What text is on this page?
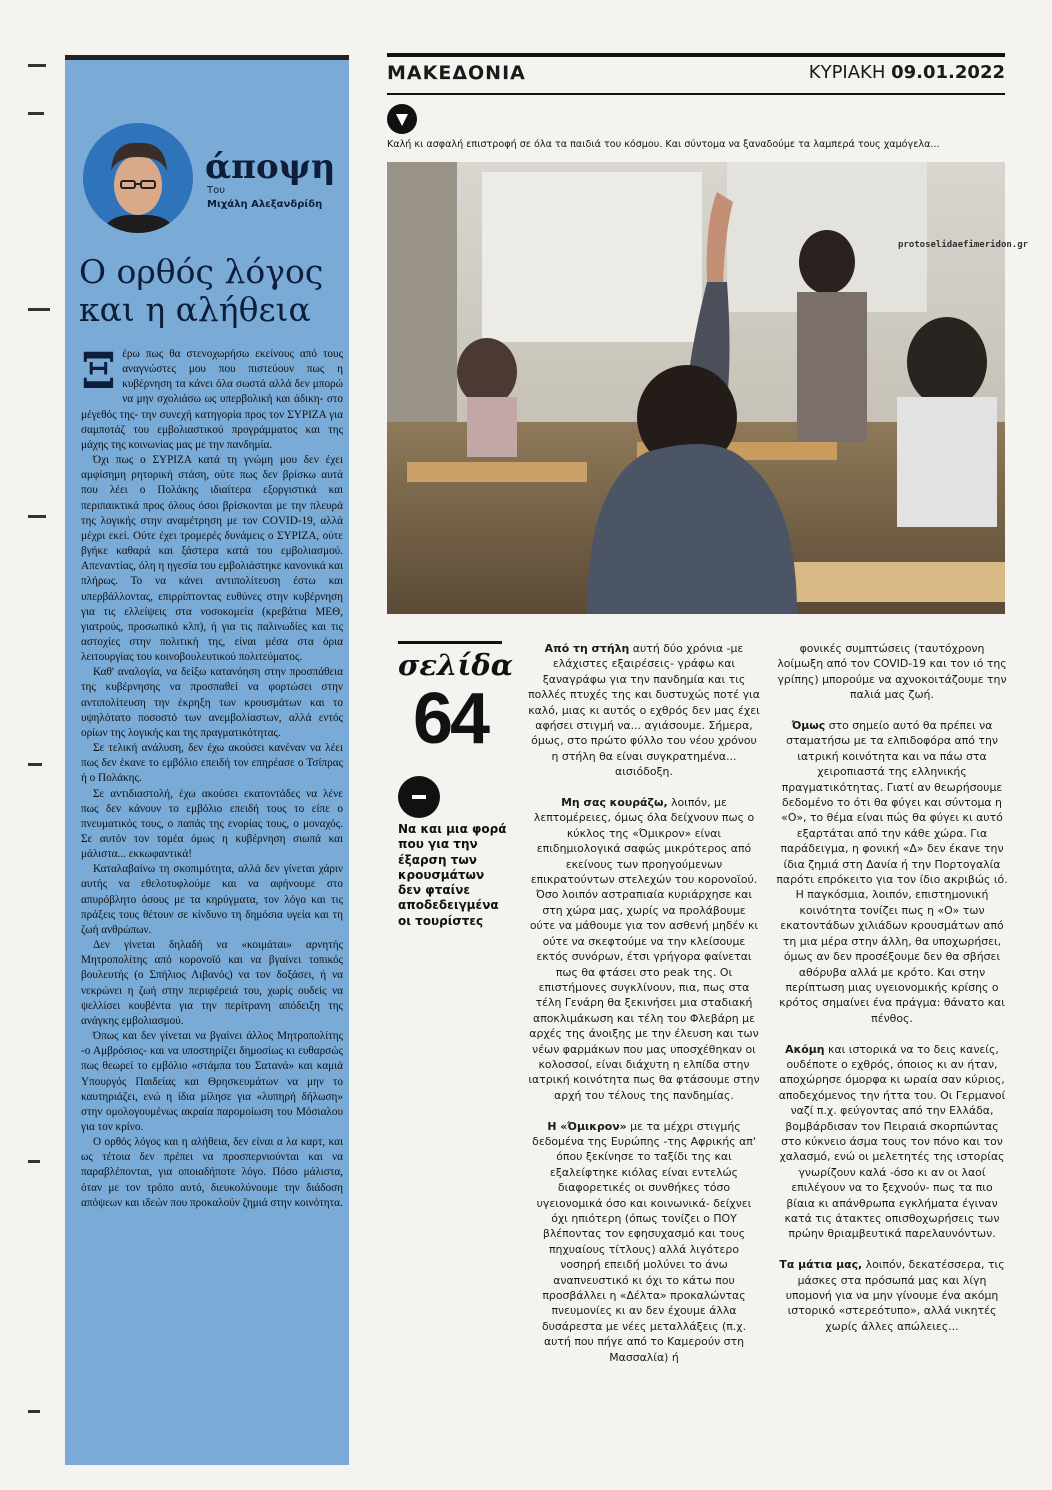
άποψη
Του
Μιχάλη Αλεξανδρίδη
Ο ορθός λόγος
και η αλήθεια

Ξέρω πως θα στενοχωρήσω εκείνους από τους αναγνώστες μου που πιστεύουν πως η κυβέρνηση τα κάνει όλα σωστά αλλά δεν μπορώ να μην σχολιάσω ως υπερβολική και άδικη- στο μέγεθός της- την συνεχή κατηγορία προς τον ΣΥΡΙΖΑ για σαμποτάζ του εμβολιαστικού προγράμματος και της μάχης της κοινωνίας μας με την πανδημία.

Όχι πως ο ΣΥΡΙΖΑ κατά τη γνώμη μου δεν έχει αμφίσημη ρητορική στάση, ούτε πως δεν βρίσκω αυτά που λέει ο Πολάκης ιδιαίτερα εξοργιστικά και περιπαικτικά προς όλους όσοι βρίσκονται με την πλευρά της λογικής στην αναμέτρηση με τον COVID-19, αλλά μέχρι εκεί. Ούτε έχει τρομερές δυνάμεις ο ΣΥΡΙΖΑ, ούτε βγήκε καθαρά και ξάστερα κατά του εμβολιασμού. Απεναντίας, όλη η ηγεσία του εμβολιάστηκε κανονικά και πλήρως. Το να κάνει αντιπολίτευση έστω και υπερβάλλοντας, επιρρίπτοντας ευθύνες στην κυβέρνηση για τις ελλείψεις στα νοσοκομεία (κρεβάτια ΜΕΘ, γιατρούς, προσωπικό κλπ), ή για τις παλινωδίες και τις αστοχίες στην πολιτική της, είναι μέσα στα όρια λειτουργίας του κοινοβουλευτικού πολιτεύματος.

Καθ' αναλογία, να δείξω κατανόηση στην προσπάθεια της κυβέρνησης να προσπαθεί να φορτώσει στην αντιπολίτευση την έκρηξη των κρουσμάτων και το υψηλότατο ποσοστό των ανεμβολίαστων, αλλά εντός ορίων της λογικής και της πραγματικότητας.

Σε τελική ανάλυση, δεν έχω ακούσει κανέναν να λέει πως δεν έκανε το εμβόλιο επειδή τον επηρέασε ο Τσίπρας ή ο Πολάκης.

Σε αντιδιαστολή, έχω ακούσει εκατοντάδες να λένε πως δεν κάνουν το εμβόλιο επειδή τους το είπε ο πνευματικός τους, ο παπάς της ενορίας τους, ο μοναχός. Σε αυτόν τον τομέα όμως η κυβέρνηση σιωπά και μάλιστα... εκκωφαντικά!

Καταλαβαίνω τη σκοπιμότητα, αλλά δεν γίνεται χάριν αυτής να εθελοτυφλούμε και να αφήνουμε στο απυρόβλητο όσους με τα κηρύγματα, τον λόγο και τις πράξεις τους θέτουν σε κίνδυνο τη δημόσια υγεία και τη ζωή ανθρώπων.

Δεν γίνεται δηλαδή να «κοιμάται» αρνητής Μητροπολίτης από κορονοϊό και να βγαίνει τοπικός βουλευτής (ο Σπήλιος Λιβανός) να τον δοξάσει, ή να νεκρώνει η ζωή στην περιφέρειά του, χωρίς ουδείς να ψελλίσει κουβέντα για την περίτρανη απόδειξη της ανάγκης εμβολιασμού.

Όπως και δεν γίνεται να βγαίνει άλλος Μητροπολίτης -ο Αμβρόσιος- και να υποστηρίζει δημοσίως κι ευθαρσώς πως θεωρεί το εμβόλιο «στάμπα του Σατανά» και καμιά Υπουργός Παιδείας και Θρησκευμάτων να μην το καυτηριάζει, ενώ η ίδια μίλησε για «λυπηρή δήλωση» στην ομολογουμένως ακραία παρομοίωση του Μόσιαλου για τον κρίνο.

Ο ορθός λόγος και η αλήθεια, δεν είναι α λα καρτ, και ως τέτοια δεν πρέπει να προσπερνιούνται και να παραβλέπονται, για οποιαδήποτε λόγο. Πόσο μάλιστα, όταν με τον τρόπο αυτό, διευκολύνουμε την διάδοση απόψεων και ιδεών που προκαλούν ζημιά στην κοινότητα.

ΜΑΚΕΔΟΝΙΑ	ΚΥΡΙΑΚΗ 09.01.2022
Καλή κι ασφαλή επιστροφή σε όλα τα παιδιά του κόσμου. Και σύντομα να ξαναδούμε τα λαμπερά τους χαμόγελα...
protoselidaefimeridon.gr
σελίδα
64
Να και μια φορά που για την έξαρση των κρουσμάτων δεν φταίνε αποδεδειγμένα οι τουρίστες

Από τη στήλη αυτή δύο χρόνια -με ελάχιστες εξαιρέσεις- γράφω και ξαναγράφω για την πανδημία και τις πολλές πτυχές της και δυστυχώς ποτέ για καλό, μιας κι αυτός ο εχθρός δεν μας έχει αφήσει στιγμή να... αγιάσουμε. Σήμερα, όμως, στο πρώτο φύλλο του νέου χρόνου η στήλη θα είναι συγκρατημένα... αισιόδοξη.

Μη σας κουράζω, λοιπόν, με λεπτομέρειες, όμως όλα δείχνουν πως ο κύκλος της «Όμικρον» είναι επιδημιολογικά σαφώς μικρότερος από εκείνους των προηγούμενων επικρατούντων στελεχών του κορονοϊού. Όσο λοιπόν αστραπιαία κυριάρχησε και στη χώρα μας, χωρίς να προλάβουμε ούτε να μάθουμε για τον ασθενή μηδέν κι ούτε να σκεφτούμε να την κλείσουμε εκτός συνόρων, έτσι γρήγορα φαίνεται πως θα φτάσει στο peak της. Οι επιστήμονες συγκλίνουν, πια, πως στα τέλη Γενάρη θα ξεκινήσει μια σταδιακή αποκλιμάκωση και τέλη του Φλεβάρη με αρχές της άνοιξης με την έλευση και των νέων φαρμάκων που μας υποσχέθηκαν οι κολοσσοί, είναι διάχυτη η ελπίδα στην ιατρική κοινότητα πως θα φτάσουμε στην αρχή του τέλους της πανδημίας.

Η «Όμικρον» με τα μέχρι στιγμής δεδομένα της Ευρώπης -της Αφρικής απ' όπου ξεκίνησε το ταξίδι της και εξαλείφτηκε κιόλας είναι εντελώς διαφορετικές οι συνθήκες τόσο υγειονομικά όσο και κοινωνικά- δείχνει όχι ηπιότερη (όπως τονίζει ο ΠΟΥ βλέποντας τον εφησυχασμό και τους πηχυαίους τίτλους) αλλά λιγότερο νοσηρή επειδή μολύνει το άνω αναπνευστικό κι όχι το κάτω που προσβάλλει η «Δέλτα» προκαλώντας πνευμονίες κι αν δεν έχουμε άλλα δυσάρεστα με νέες μεταλλάξεις (π.χ. αυτή που πήγε από το Καμερούν στη Μασσαλία) ή

φονικές συμπτώσεις (ταυτόχρονη λοίμωξη από τον COVID-19 και τον ιό της γρίπης) μπορούμε να αχνοκοιτάζουμε την παλιά μας ζωή.

Όμως στο σημείο αυτό θα πρέπει να σταματήσω με τα ελπιδοφόρα από την ιατρική κοινότητα και να πάω στα χειροπιαστά της ελληνικής πραγματικότητας. Γιατί αν θεωρήσουμε δεδομένο το ότι θα φύγει και σύντομα η «Ο», το θέμα είναι πώς θα φύγει κι αυτό εξαρτάται από την κάθε χώρα. Για παράδειγμα, η φονική «Δ» δεν έκανε την ίδια ζημιά στη Δανία ή την Πορτογαλία παρότι επρόκειτο για τον ίδιο ακριβώς ιό. Η παγκόσμια, λοιπόν, επιστημονική κοινότητα τονίζει πως η «Ο» των εκατοντάδων χιλιάδων κρουσμάτων από τη μια μέρα στην άλλη, θα υποχωρήσει, όμως αν δεν προσέξουμε δεν θα σβήσει αθόρυβα αλλά με κρότο. Και στην περίπτωση μιας υγειονομικής κρίσης ο κρότος σημαίνει ένα πράγμα: θάνατο και πένθος.

Ακόμη και ιστορικά να το δεις κανείς, ουδέποτε ο εχθρός, όποιος κι αν ήταν, αποχώρησε όμορφα κι ωραία σαν κύριος, αποδεχόμενος την ήττα του. Οι Γερμανοί ναζί π.χ. φεύγοντας από την Ελλάδα, βομβάρδισαν τον Πειραιά σκορπώντας στο κύκνειο άσμα τους τον πόνο και τον χαλασμό, ενώ οι μελετητές της ιστορίας γνωρίζουν καλά -όσο κι αν οι λαοί επιλέγουν να το ξεχνούν- πως τα πιο βίαια κι απάνθρωπα εγκλήματα έγιναν κατά τις άτακτες οπισθοχωρήσεις των πρώην θριαμβευτικά παρελαυνόντων.

Τα μάτια μας, λοιπόν, δεκατέσσερα, τις μάσκες στα πρόσωπά μας και λίγη υπομονή για να μην γίνουμε ένα ακόμη ιστορικό «στερεότυπο», αλλά νικητές χωρίς άλλες απώλειες...
